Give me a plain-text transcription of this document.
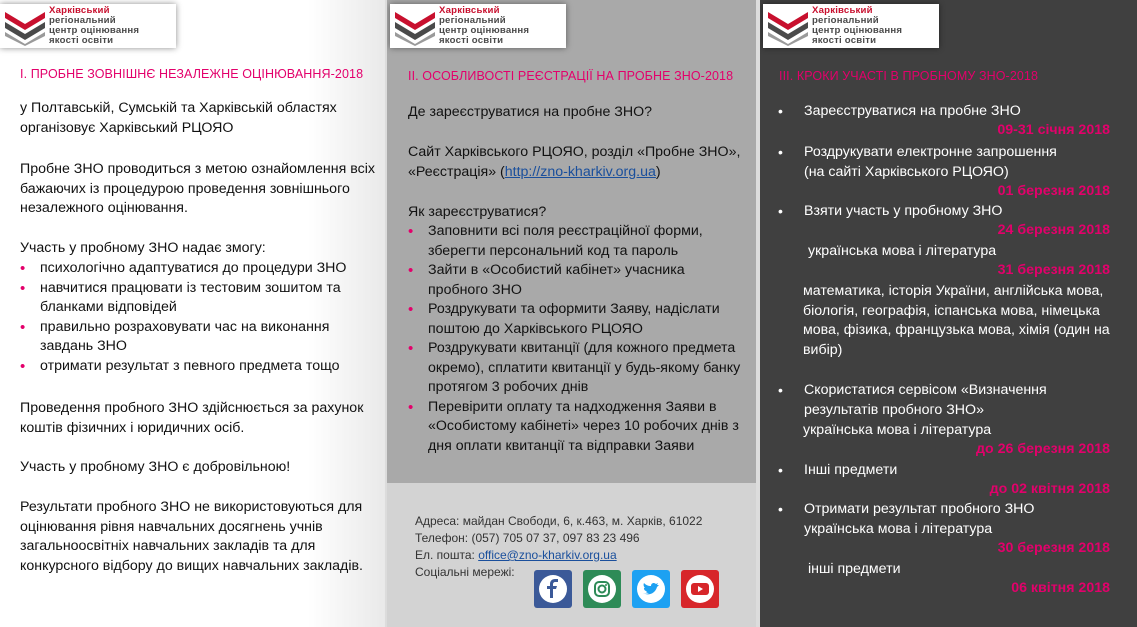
Харківський
регіональний
центр оцінювання
якості освіти
І. ПРОБНЕ ЗОВНІШНЄ НЕЗАЛЕЖНЕ ОЦІНЮВАННЯ-2018
у Полтавській, Сумській та Харківській областях організовує Харківський РЦОЯО
Пробне ЗНО проводиться з метою ознайомлення всіх бажаючих із процедурою проведення зовнішнього незалежного оцінювання.
Участь у пробному ЗНО надає змогу:
• психологічно адаптуватися до процедури ЗНО
• навчитися працювати із тестовим зошитом та бланками відповідей
• правильно розраховувати час на виконання завдань ЗНО
• отримати результат з певного предмета тощо
Проведення пробного ЗНО здійснюється за рахунок коштів фізичних і юридичних осіб.
Участь у пробному ЗНО є добровільною!
Результати пробного ЗНО не використовуються для оцінювання рівня навчальних досягнень учнів загальноосвітніх навчальних закладів та для конкурсного відбору до вищих навчальних закладів.
Харківський
регіональний
центр оцінювання
якості освіти
ІІ. ОСОБЛИВОСТІ РЕЄСТРАЦІЇ НА ПРОБНЕ ЗНО-2018
Де зареєструватися на пробне ЗНО?
Сайт Харківського РЦОЯО, розділ «Пробне ЗНО», «Реєстрація» (http://zno-kharkiv.org.ua)
Як зареєструватися?
• Заповнити всі поля реєстраційної форми, зберегти персональний код та пароль
• Зайти в «Особистий кабінет» учасника пробного ЗНО
• Роздрукувати та оформити Заяву, надіслати поштою до Харківського РЦОЯО
• Роздрукувати квитанції (для кожного предмета окремо), сплатити квитанції у будь-якому банку протягом 3 робочих днів
• Перевірити оплату та надходження Заяви в «Особистому кабінеті» через 10 робочих днів з дня оплати квитанції та відправки Заяви
Адреса: майдан Свободи, 6, к.463, м. Харків, 61022
Телефон: (057) 705 07 37, 097 83 23 496
Ел. пошта: office@zno-kharkiv.org.ua
Соціальні мережі:
Харківський
регіональний
центр оцінювання
якості освіти
ІІІ. КРОКИ УЧАСТІ В ПРОБНОМУ ЗНО-2018
• Зареєструватися на пробне ЗНО
09-31 січня 2018
• Роздрукувати електронне запрошення
(на сайті Харківського РЦОЯО)
01 березня 2018
• Взяти участь у пробному ЗНО
24 березня 2018
українська мова і література
31 березня 2018
математика, історія України, англійська мова, біологія, географія, іспанська мова, німецька мова, фізика, французька мова, хімія (один на вибір)
• Скористатися сервісом «Визначення результатів пробного ЗНО»
українська мова і література
до 26 березня 2018
• Інші предмети
до 02 квітня 2018
• Отримати результат пробного ЗНО
українська мова і література
30 березня 2018
інші предмети
06 квітня 2018
